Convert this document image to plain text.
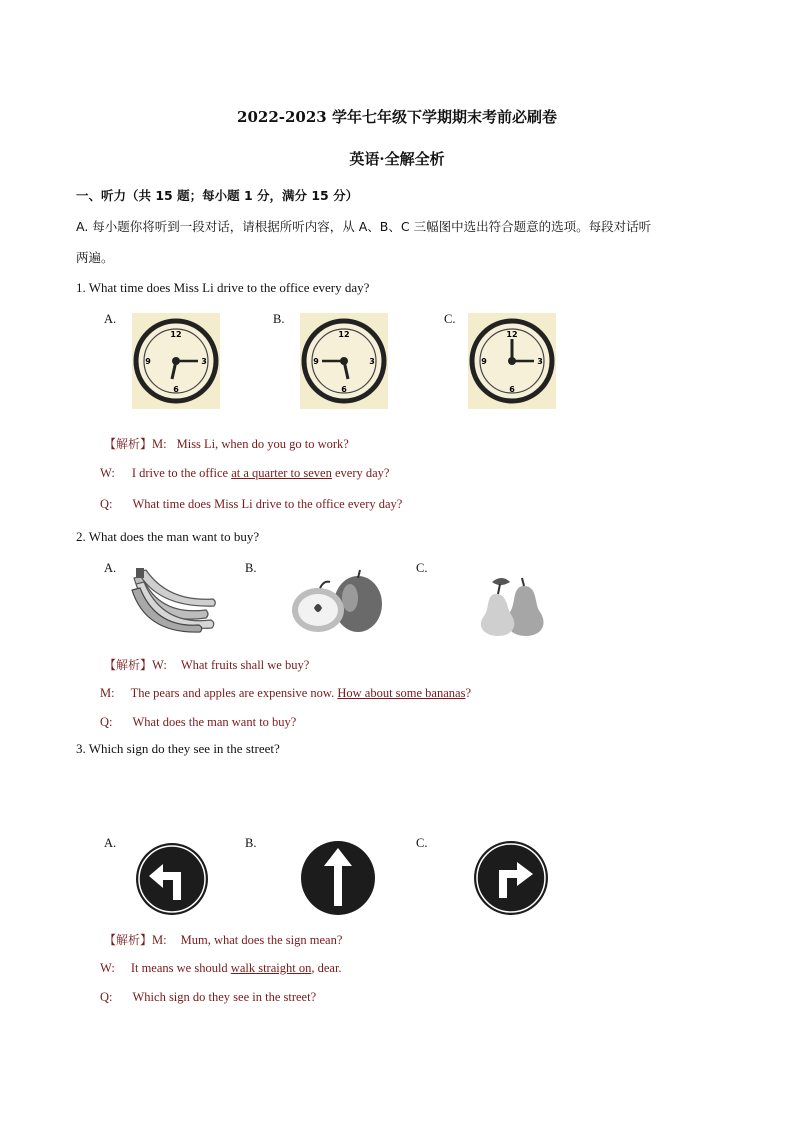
2022-2023 学年七年级下学期期末考前必刷卷
英语·全解全析
一、听力（共 15 题；每小题 1 分，满分 15 分）
A. 每小题你将听到一段对话，请根据所听内容，从 A、B、C 三幅图中选出符合题意的选项。每段对话听
两遍。
1. What time does Miss Li drive to the office every day?
A.	B.	C.
12
3
6
9
12
3
6
9
12
3
6
9
【解析】M: Miss Li, when do you go to work?
W: I drive to the office at a quarter to seven every day?
Q: What time does Miss Li drive to the office every day?
2. What does the man want to buy?
A.	B.	C.
【解析】W: What fruits shall we buy?
M: The pears and apples are expensive now. How about some bananas?
Q: What does the man want to buy?
3. Which sign do they see in the street?
A.	B.	C.
【解析】M: Mum, what does the sign mean?
W: It means we should walk straight on, dear.
Q: Which sign do they see in the street?
